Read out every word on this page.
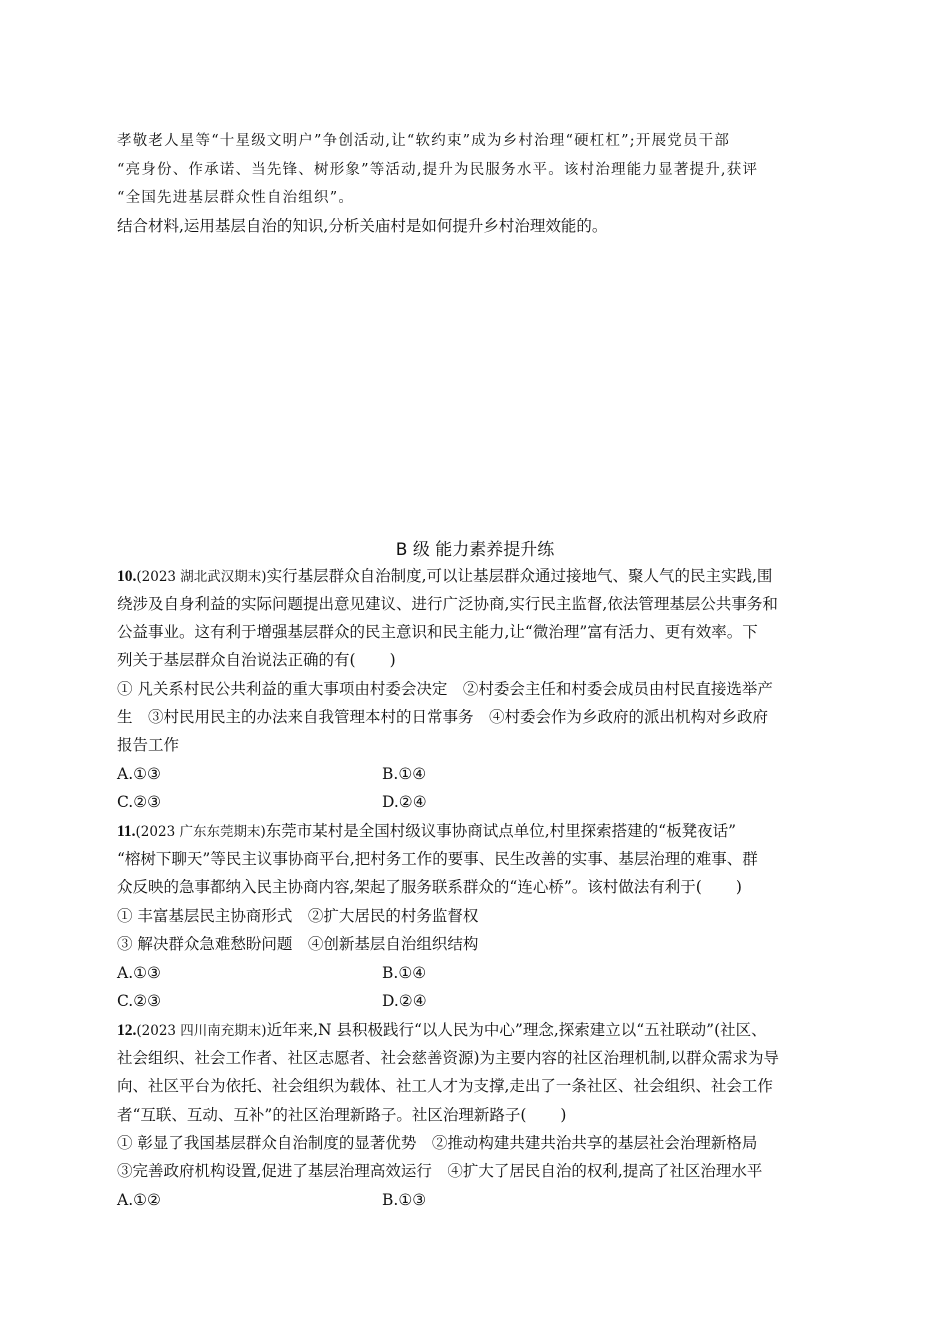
孝敬老人星等“十星级文明户”争创活动,让“软约束”成为乡村治理“硬杠杠”;开展党员干部
“亮身份、作承诺、当先锋、树形象”等活动,提升为民服务水平。该村治理能力显著提升,获评
“全国先进基层群众性自治组织”。
结合材料,运用基层自治的知识,分析关庙村是如何提升乡村治理效能的。
B 级 能力素养提升练
10.(2023 湖北武汉期末)实行基层群众自治制度,可以让基层群众通过接地气、聚人气的民主实践,围
绕涉及自身利益的实际问题提出意见建议、进行广泛协商,实行民主监督,依法管理基层公共事务和
公益事业。这有利于增强基层群众的民主意识和民主能力,让“微治理”富有活力、更有效率。下
列关于基层群众自治说法正确的有( )
① 凡关系村民公共利益的重大事项由村委会决定　②村委会主任和村委会成员由村民直接选举产
生　③村民用民主的办法来自我管理本村的日常事务　④村委会作为乡政府的派出机构对乡政府
报告工作
A.①③	B.①④
C.②③	D.②④
11.(2023 广东东莞期末)东莞市某村是全国村级议事协商试点单位,村里探索搭建的“板凳夜话”
“榕树下聊天”等民主议事协商平台,把村务工作的要事、民生改善的实事、基层治理的难事、群
众反映的急事都纳入民主协商内容,架起了服务联系群众的“连心桥”。该村做法有利于( )
① 丰富基层民主协商形式　②扩大居民的村务监督权
③ 解决群众急难愁盼问题　④创新基层自治组织结构
A.①③	B.①④
C.②③	D.②④
12.(2023 四川南充期末)近年来,N 县积极践行“以人民为中心”理念,探索建立以“五社联动”(社区、
社会组织、社会工作者、社区志愿者、社会慈善资源)为主要内容的社区治理机制,以群众需求为导
向、社区平台为依托、社会组织为载体、社工人才为支撑,走出了一条社区、社会组织、社会工作
者“互联、互动、互补”的社区治理新路子。社区治理新路子( )
① 彰显了我国基层群众自治制度的显著优势　②推动构建共建共治共享的基层社会治理新格局
③完善政府机构设置,促进了基层治理高效运行　④扩大了居民自治的权利,提高了社区治理水平
A.①②	B.①③
